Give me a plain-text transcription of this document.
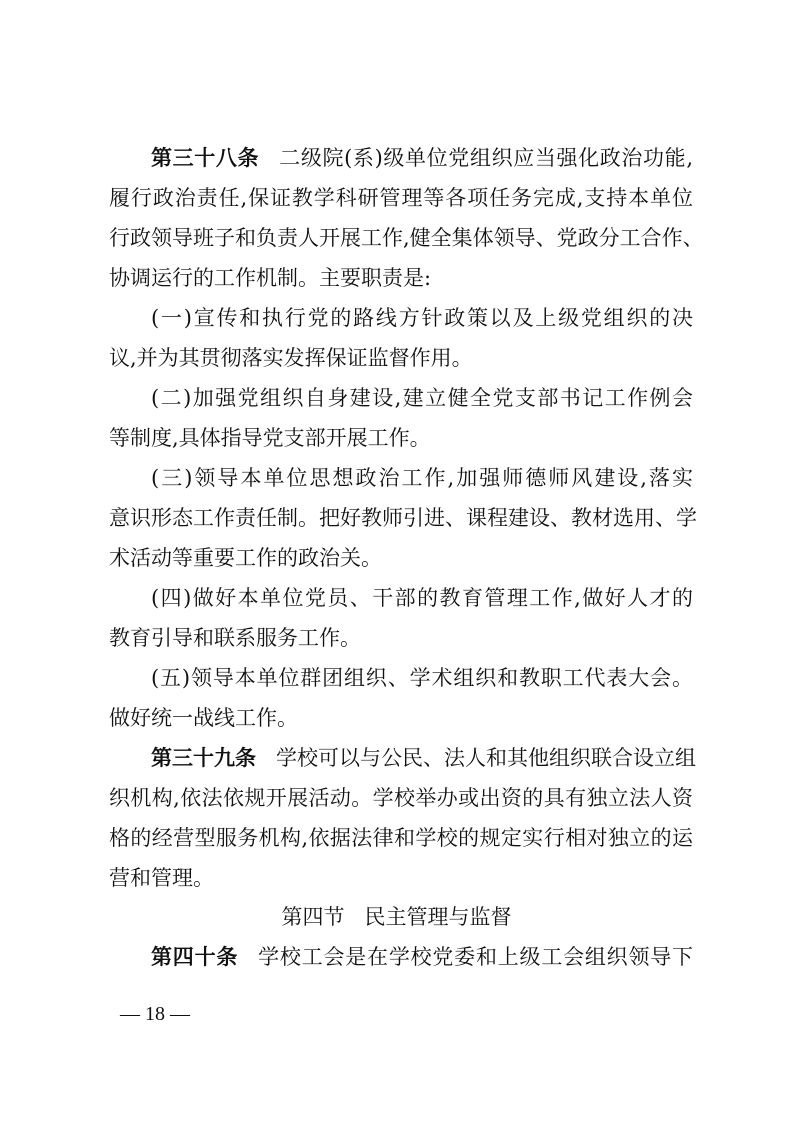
第三十八条 二级院(系)级单位党组织应当强化政治功能,
履行政治责任,保证教学科研管理等各项任务完成,支持本单位
行政领导班子和负责人开展工作,健全集体领导、党政分工合作、
协调运行的工作机制。主要职责是:
(一)宣传和执行党的路线方针政策以及上级党组织的决
议,并为其贯彻落实发挥保证监督作用。
(二)加强党组织自身建设,建立健全党支部书记工作例会
等制度,具体指导党支部开展工作。
(三)领导本单位思想政治工作,加强师德师风建设,落实
意识形态工作责任制。把好教师引进、课程建设、教材选用、学
术活动等重要工作的政治关。
(四)做好本单位党员、干部的教育管理工作,做好人才的
教育引导和联系服务工作。
(五)领导本单位群团组织、学术组织和教职工代表大会。
做好统一战线工作。
第三十九条 学校可以与公民、法人和其他组织联合设立组
织机构,依法依规开展活动。学校举办或出资的具有独立法人资
格的经营型服务机构,依据法律和学校的规定实行相对独立的运
营和管理。
第四节 民主管理与监督
第四十条 学校工会是在学校党委和上级工会组织领导下
— 18 —
